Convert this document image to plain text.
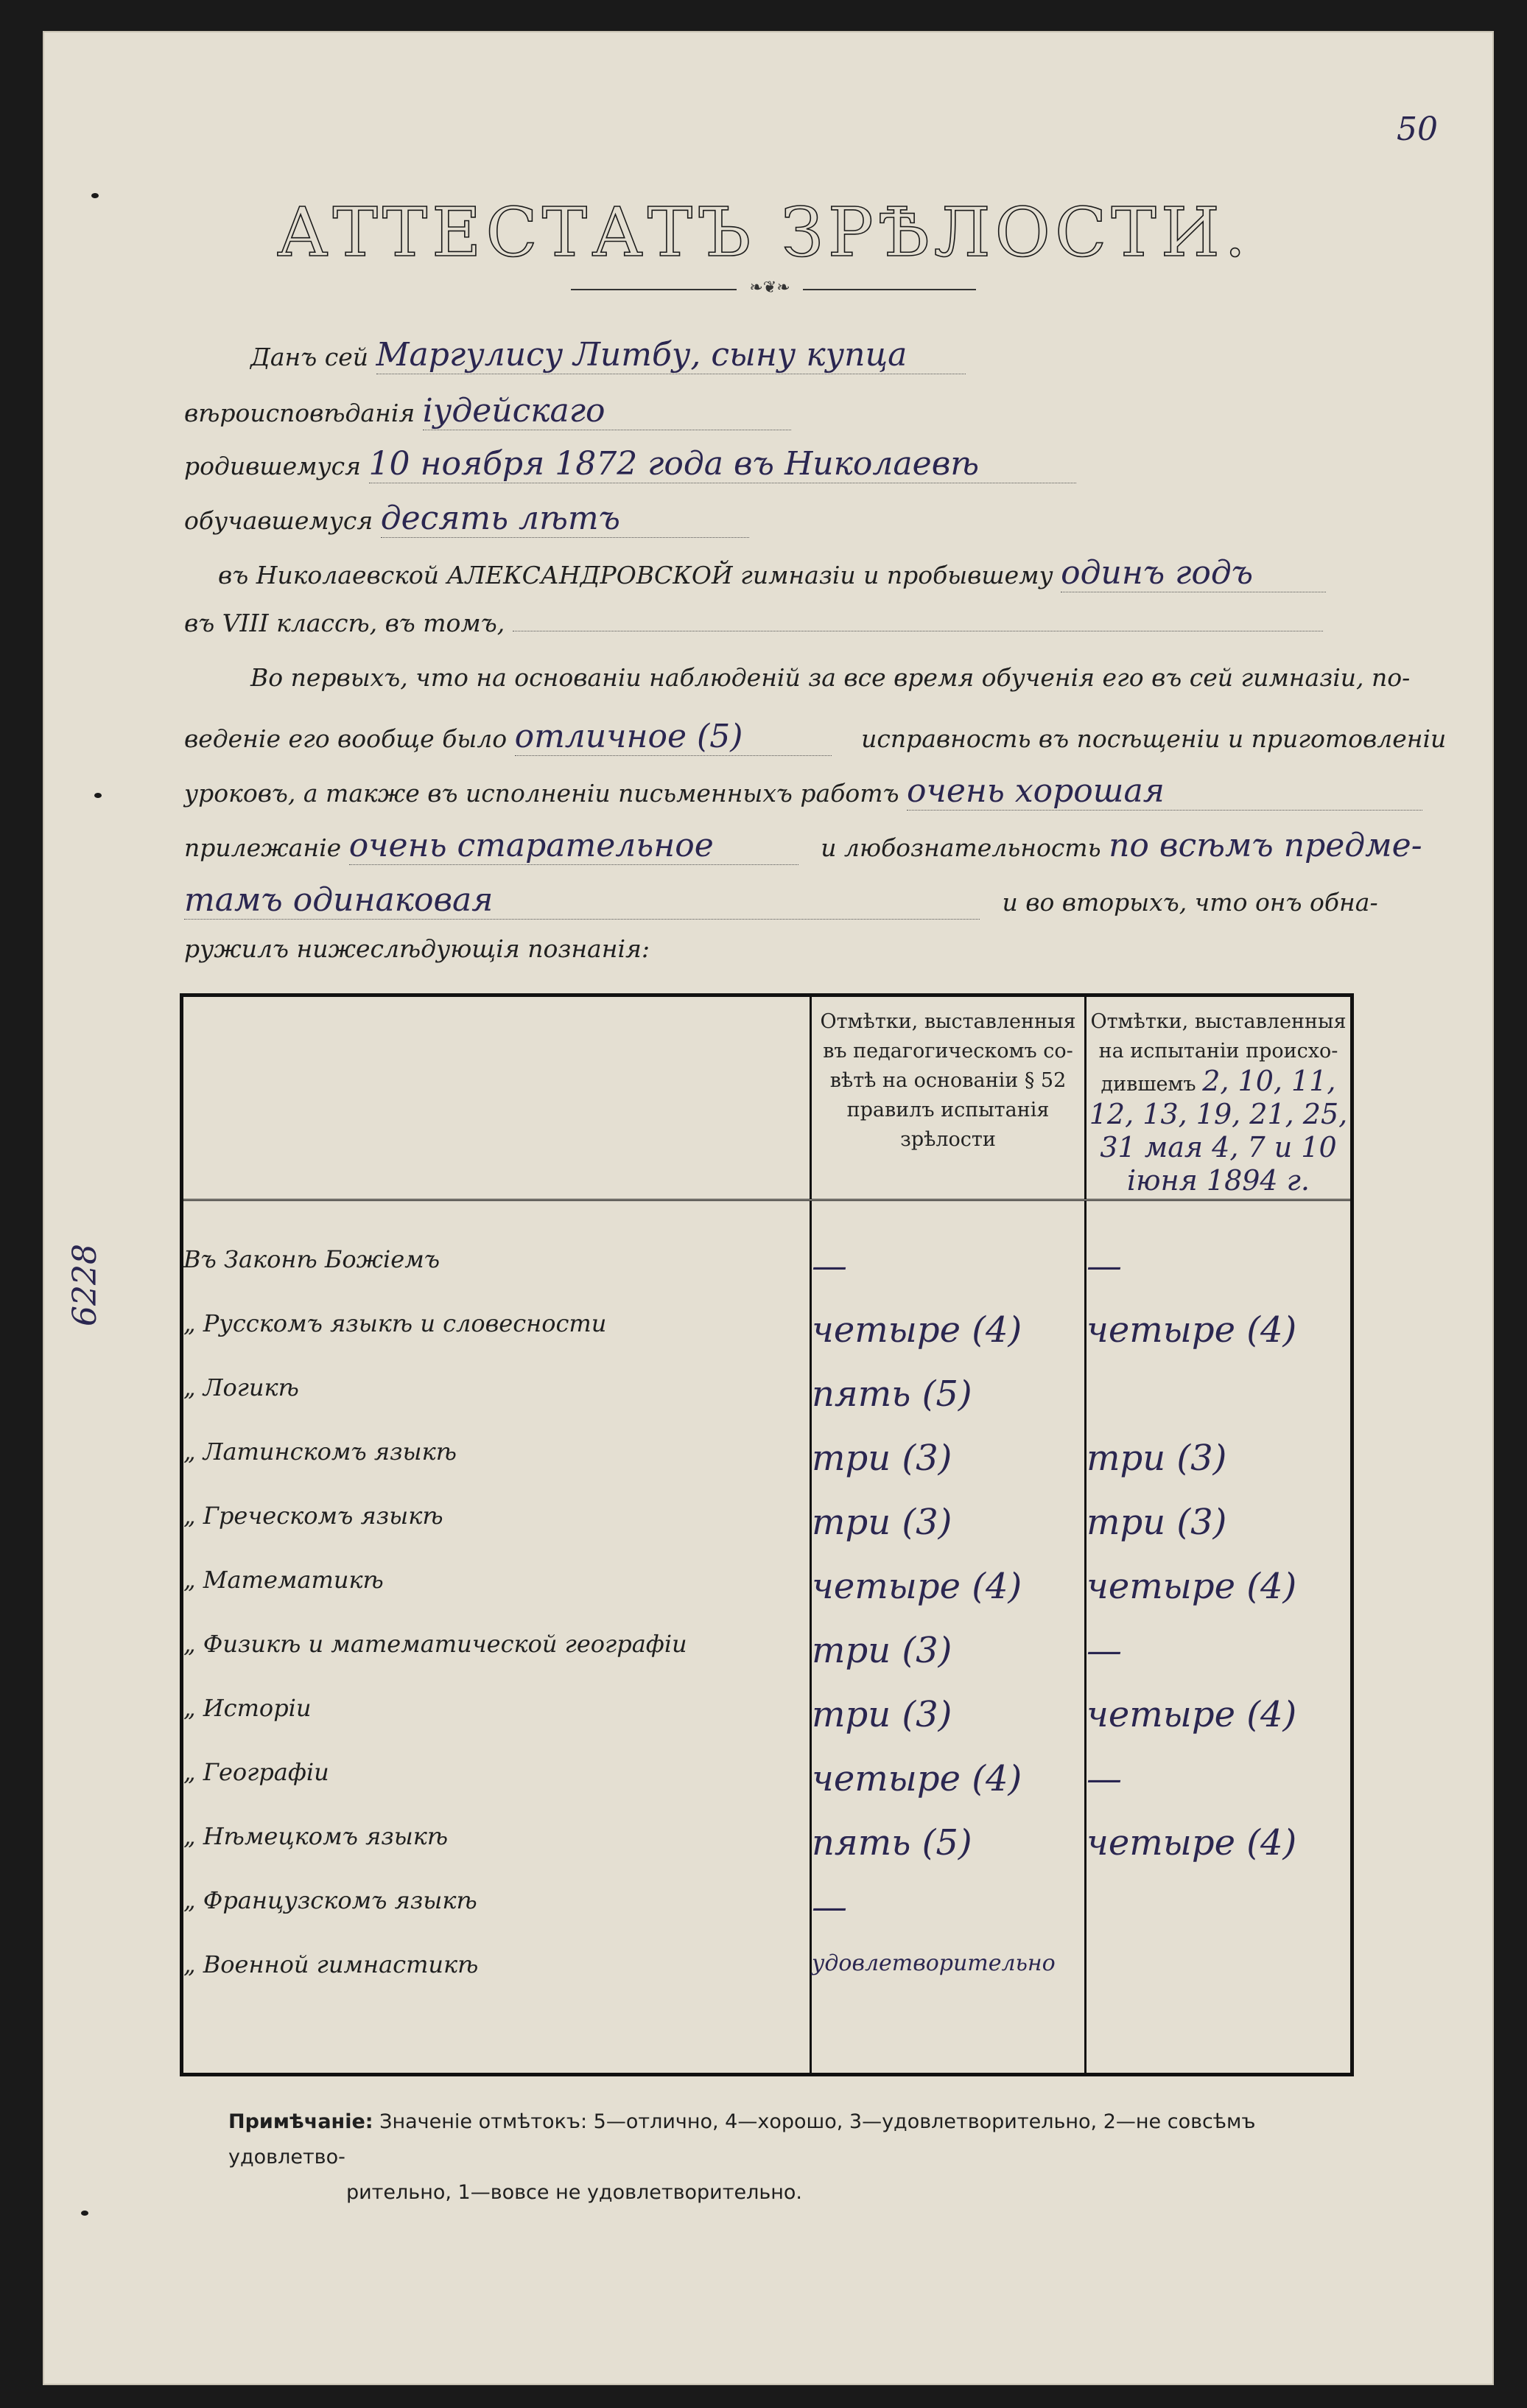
50
6228
АТТЕСТАТЪ ЗРѢЛОСТИ.
❧❦❧
Данъ сей Маргулису Литбу, сыну купца
вѣроисповѣданія іудейскаго
родившемуся 10 ноября 1872 года въ Николаевѣ
обучавшемуся десять лѣтъ
въ Николаевской АЛЕКСАНДРОВСКОЙ гимназіи и пробывшему одинъ годъ
въ VIII классѣ, въ томъ,
Во первыхъ, что на основаніи наблюденій за все время обученія его въ сей гимназіи, по-
веденіе его вообще было отличное (5)	исправность въ посѣщеніи и приготовленіи
уроковъ, а также въ исполненіи письменныхъ работъ очень хорошая
прилежаніе очень старательное	и любознательность по всѣмъ предме-
тамъ одинаковая	и во вторыхъ, что онъ обна-
ружилъ нижеслѣдующія познанія:
	Отмѣтки, выставленныя въ педагогическомъ со-вѣтѣ на основаніи § 52 правилъ испытанія зрѣлости	Отмѣтки, выставленныя на испытаніи происхо-дившемъ 2, 10, 11, 12, 13, 19, 21, 25, 31 мая 4, 7 и 10 іюня 1894 г.

Въ Законѣ Божіемъ	—	—
„ Русскомъ языкѣ и словесности	четыре (4)	четыре (4)
„ Логикѣ	пять (5)	
„ Латинскомъ языкѣ	три (3)	три (3)
„ Греческомъ языкѣ	три (3)	три (3)
„ Математикѣ	четыре (4)	четыре (4)
„ Физикѣ и математической географіи	три (3)	—
„ Исторіи	три (3)	четыре (4)
„ Географіи	четыре (4)	—
„ Нѣмецкомъ языкѣ	пять (5)	четыре (4)
„ Французскомъ языкѣ	—	
„ Военной гимнастикѣ	удовлетворительно	

Примѣчаніе: Значеніе отмѣтокъ: 5—отлично, 4—хорошо, 3—удовлетворительно, 2—не совсѣмъ удовлетво-
рительно, 1—вовсе не удовлетворительно.
